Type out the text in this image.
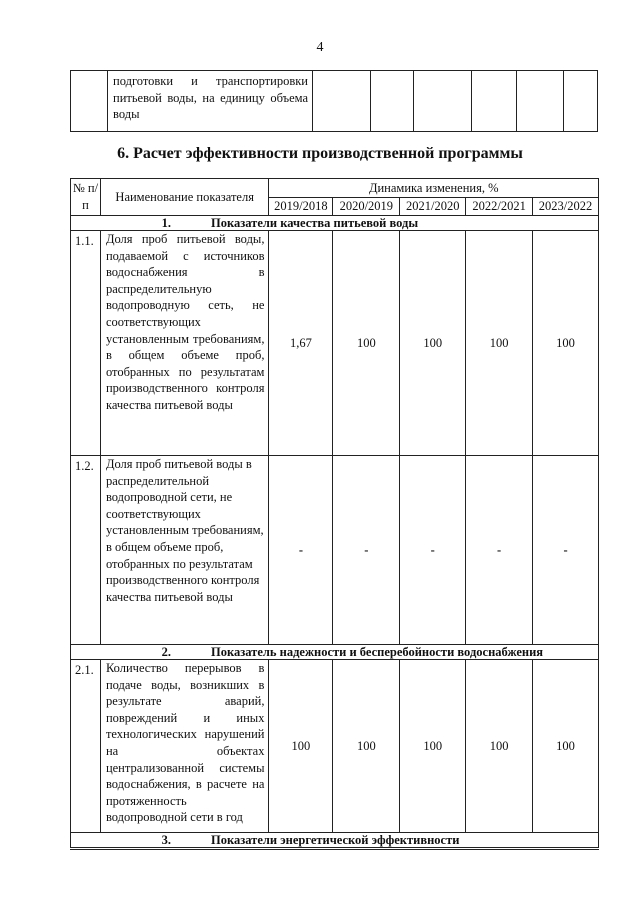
4
	подготовки и транспортировки питьевой воды, на единицу объема воды						
6. Расчет эффективности производственной программы
№ п/п	Наименование показателя	Динамика изменения, %				
		2019/2018	2020/2019	2021/2020	2022/2021	2023/2022
1. Показатели качества питьевой воды						
1.1.	Доля проб питьевой воды, подаваемой с источников водоснабжения в распределительную водопроводную сеть, не соответствующих установленным требованиям, в общем объеме проб, отобранных по результатам производственного контроля качества питьевой воды	1,67	100	100	100	100
1.2.	Доля проб питьевой воды в распределительной водопроводной сети, не соответствующих установленным требованиям, в общем объеме проб, отобранных по результатам производственного контроля качества питьевой воды	-	-	-	-	-
2. Показатель надежности и бесперебойности водоснабжения						
2.1.	Количество перерывов в подаче воды, возникших в результате аварий, повреждений и иных технологических нарушений на объектах централизованной системы водоснабжения, в расчете на протяженность водопроводной сети в год	100	100	100	100	100
3. Показатели энергетической эффективности						
